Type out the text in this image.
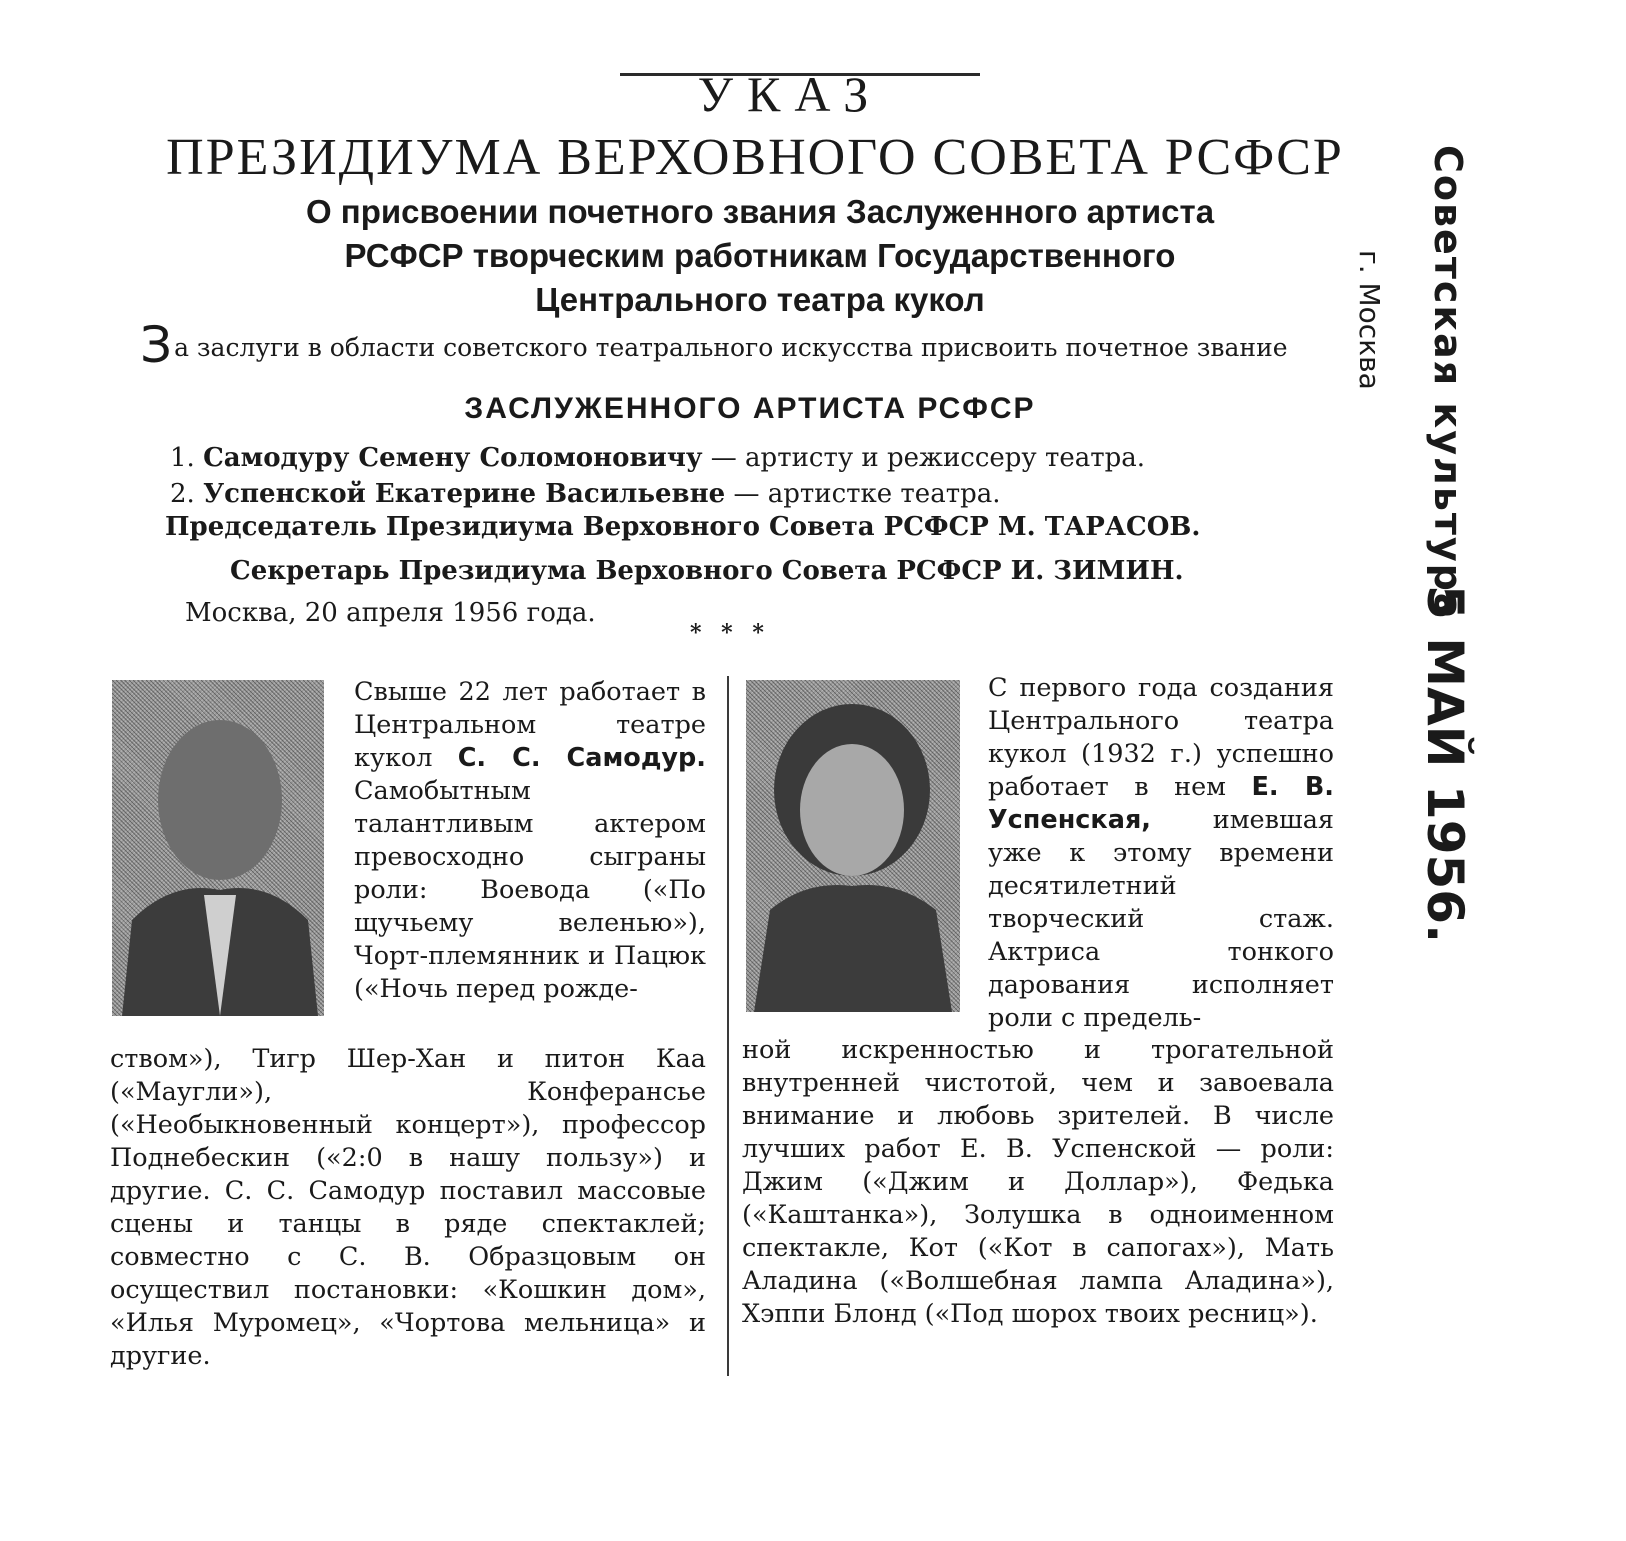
УКАЗ
ПРЕЗИДИУМА ВЕРХОВНОГО СОВЕТА РСФСР
О присвоении почетного звания Заслуженного артиста
РСФСР творческим работникам Государственного
Центрального театра кукол
За заслуги в области советского театрального искусства присвоить почетное звание
ЗАСЛУЖЕННОГО АРТИСТА РСФСР
1. Самодуру Семену Соломоновичу — артисту и режиссеру театра.
2. Успенской Екатерине Васильевне — артистке театра.
Председатель Президиума Верховного Совета РСФСР М. ТАРАСОВ.
Секретарь Президиума Верховного Совета РСФСР И. ЗИМИН.
Москва, 20 апреля 1956 года.
* * *
Свыше 22 лет работает в Центральном театре кукол С. С. Самодур. Самобытным талантливым актером превосходно сыграны роли: Воевода («По щучьему веленью»), Чорт-племянник и Пацюк («Ночь перед рожде-
ством»), Тигр Шер-Хан и питон Каа («Маугли»), Конферансье («Необыкновенный концерт»), профессор Поднебескин («2:0 в нашу пользу») и другие. С. С. Самодур поставил массовые сцены и танцы в ряде спектаклей; совместно с С. В. Образцовым он осуществил постановки: «Кошкин дом», «Илья Муромец», «Чортова мельница» и другие.
С первого года создания Центрального театра кукол (1932 г.) успешно работает в нем Е. В. Успенская, имевшая уже к этому времени десятилетний творческий стаж. Актриса тонкого дарования исполняет роли с предель-
ной искренностью и трогательной внутренней чистотой, чем и завоевала внимание и любовь зрителей. В числе лучших работ Е. В. Успенской — роли: Джим («Джим и Доллар»), Федька («Каштанка»), Золушка в одноименном спектакле, Кот («Кот в сапогах»), Мать Аладина («Волшебная лампа Аладина»), Хэппи Блонд («Под шорох твоих ресниц»).
Советская культура
г. Москва
5 МАЙ 1956.
